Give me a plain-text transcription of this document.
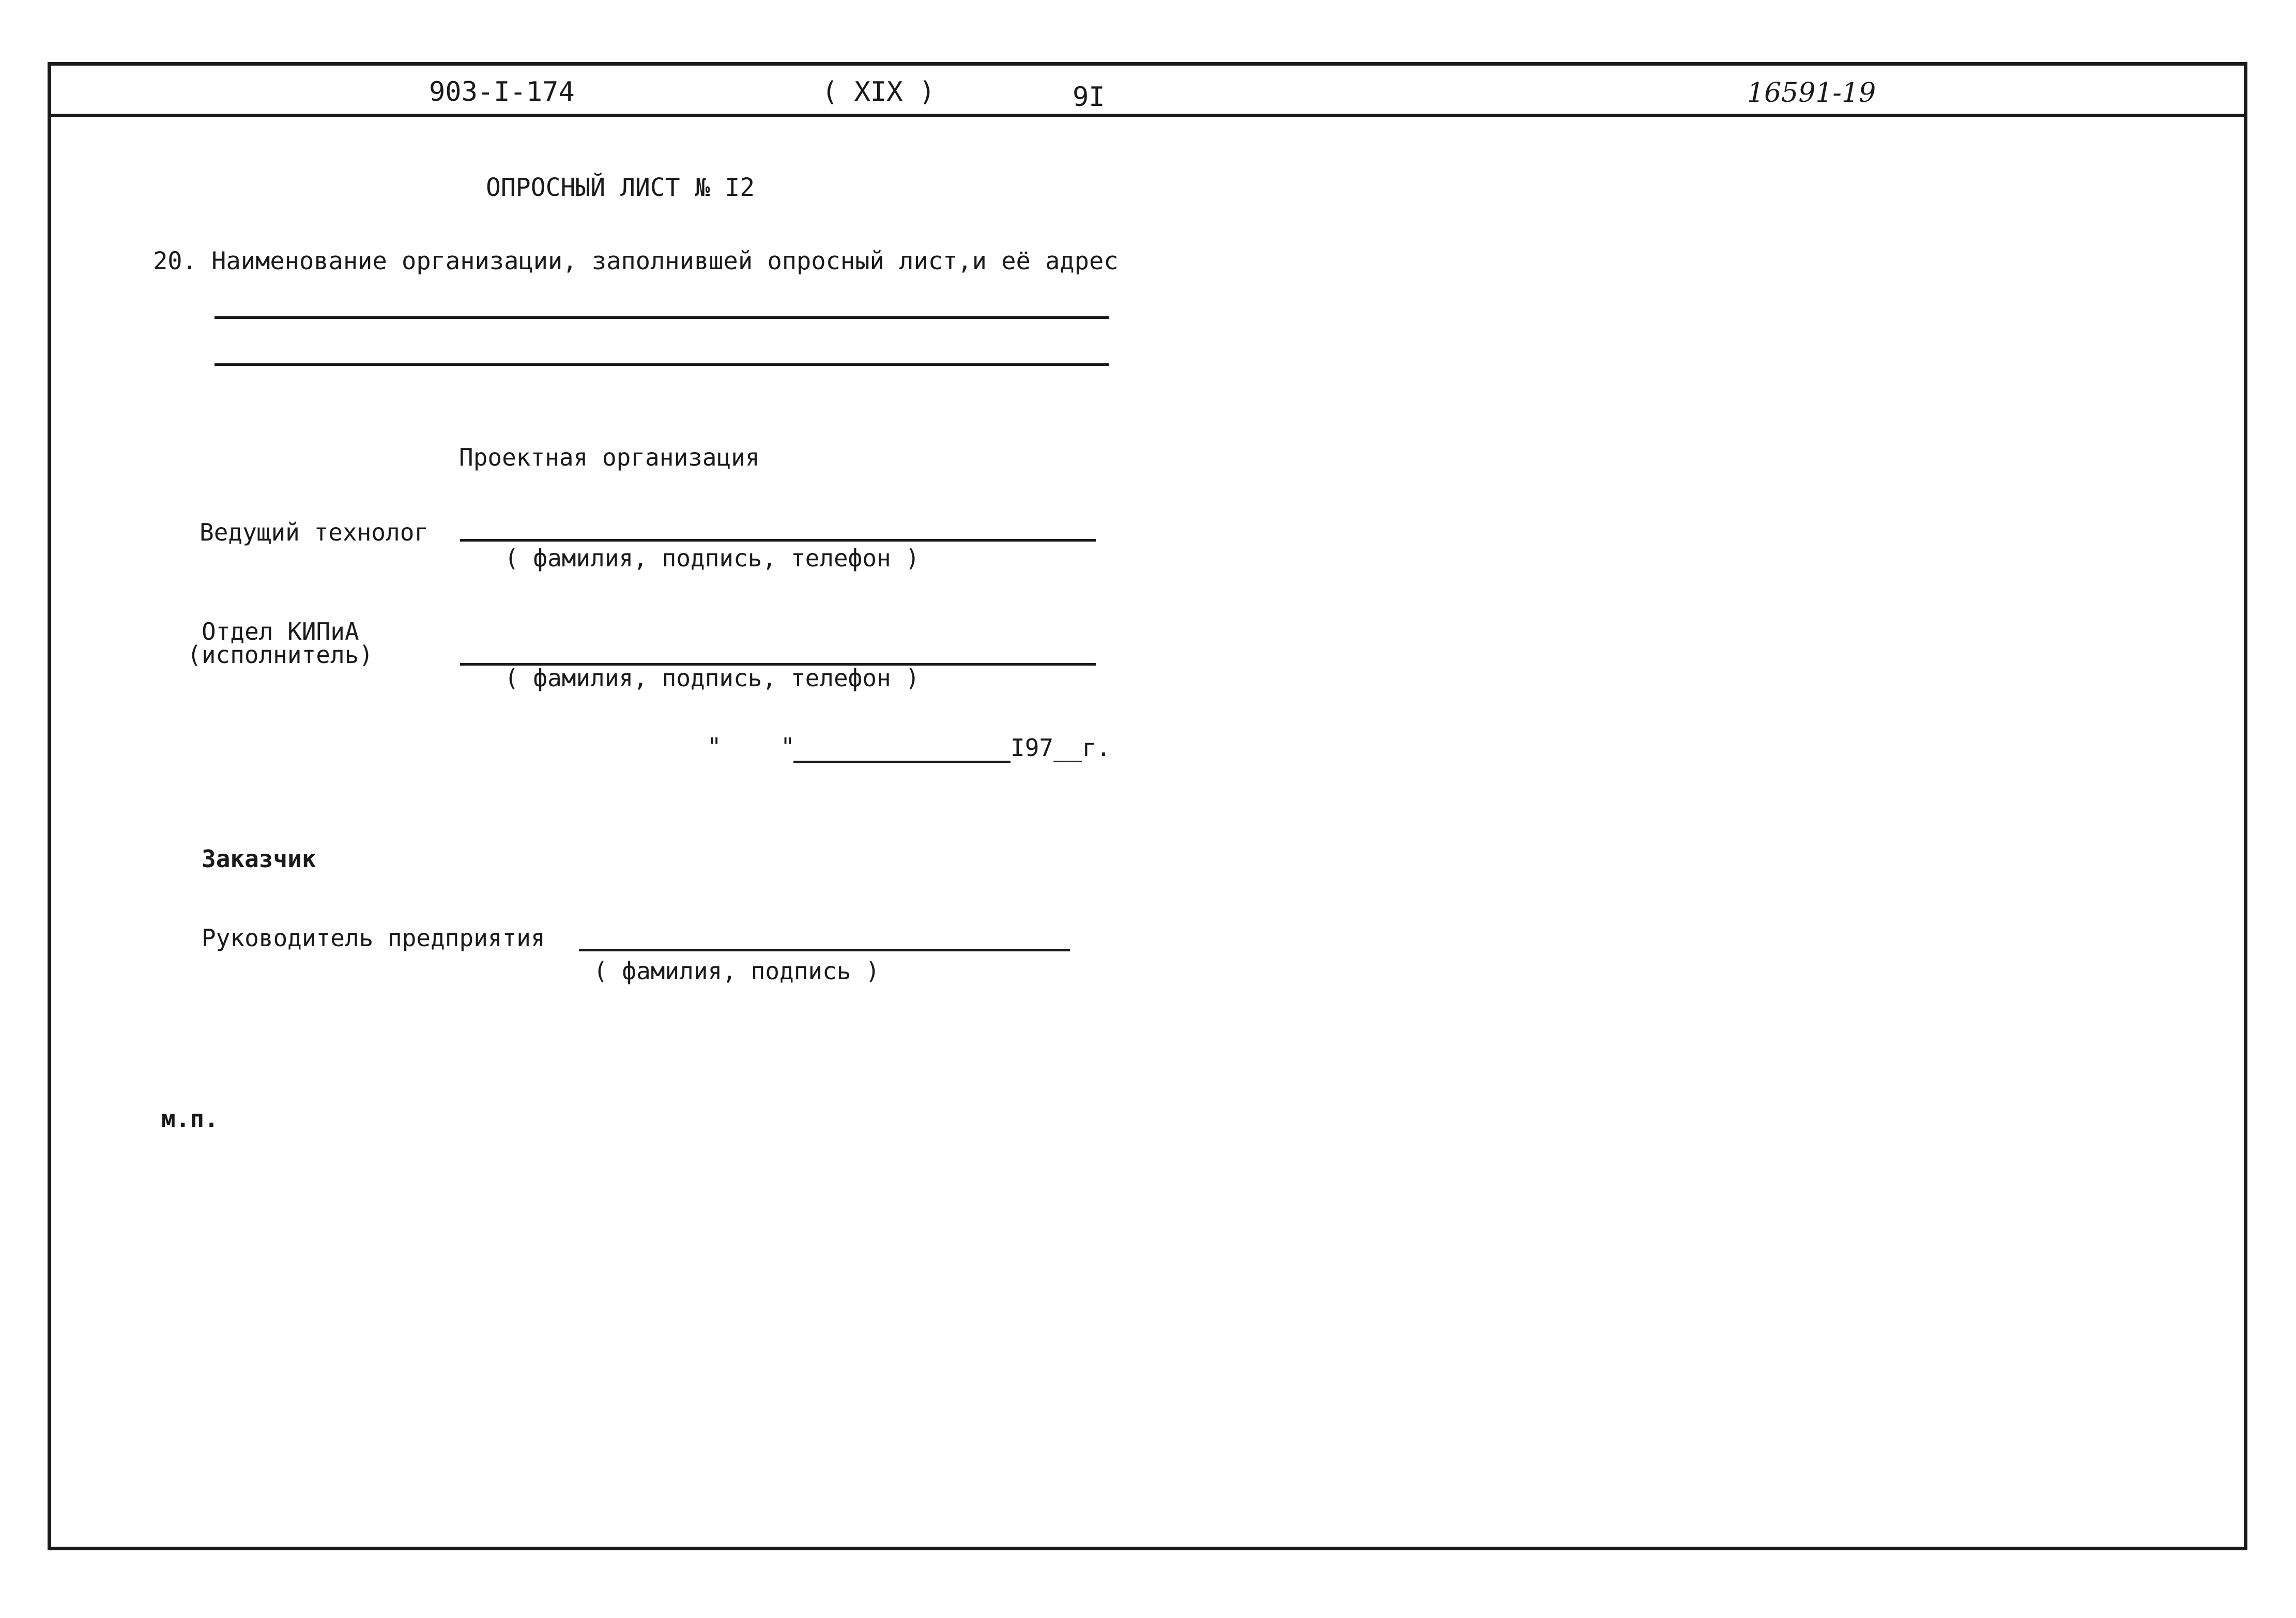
903-I-174	( XIX )	9I	16591-19
ОПРОСНЫЙ ЛИСТ № I2
20. Наименование организации, заполнившей опросный лист,и её адрес
Проектная организация
Ведущий технолог
( фамилия, подпись, телефон )
Отдел КИПиА
(исполнитель)
( фамилия, подпись, телефон )
" "	I97__г.
Заказчик
Руководитель предприятия
( фамилия, подпись )
м.п.
